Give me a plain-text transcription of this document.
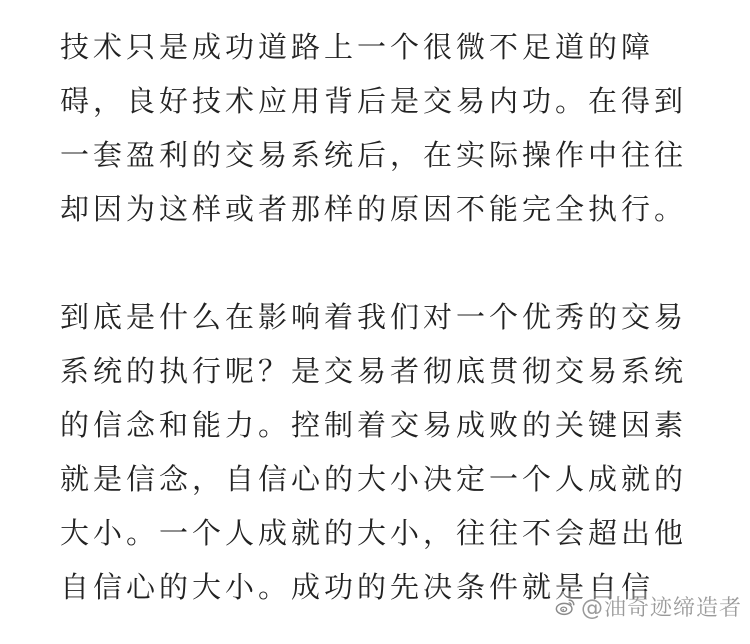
技术只是成功道路上一个很微不足道的障
碍，良好技术应用背后是交易内功。在得到
一套盈利的交易系统后，在实际操作中往往
却因为这样或者那样的原因不能完全执行。
到底是什么在影响着我们对一个优秀的交易
系统的执行呢？是交易者彻底贯彻交易系统
的信念和能力。控制着交易成败的关键因素
就是信念，自信心的大小决定一个人成就的
大小。一个人成就的大小，往往不会超出他
自信心的大小。成功的先决条件就是自信
@油奇迹缔造者
